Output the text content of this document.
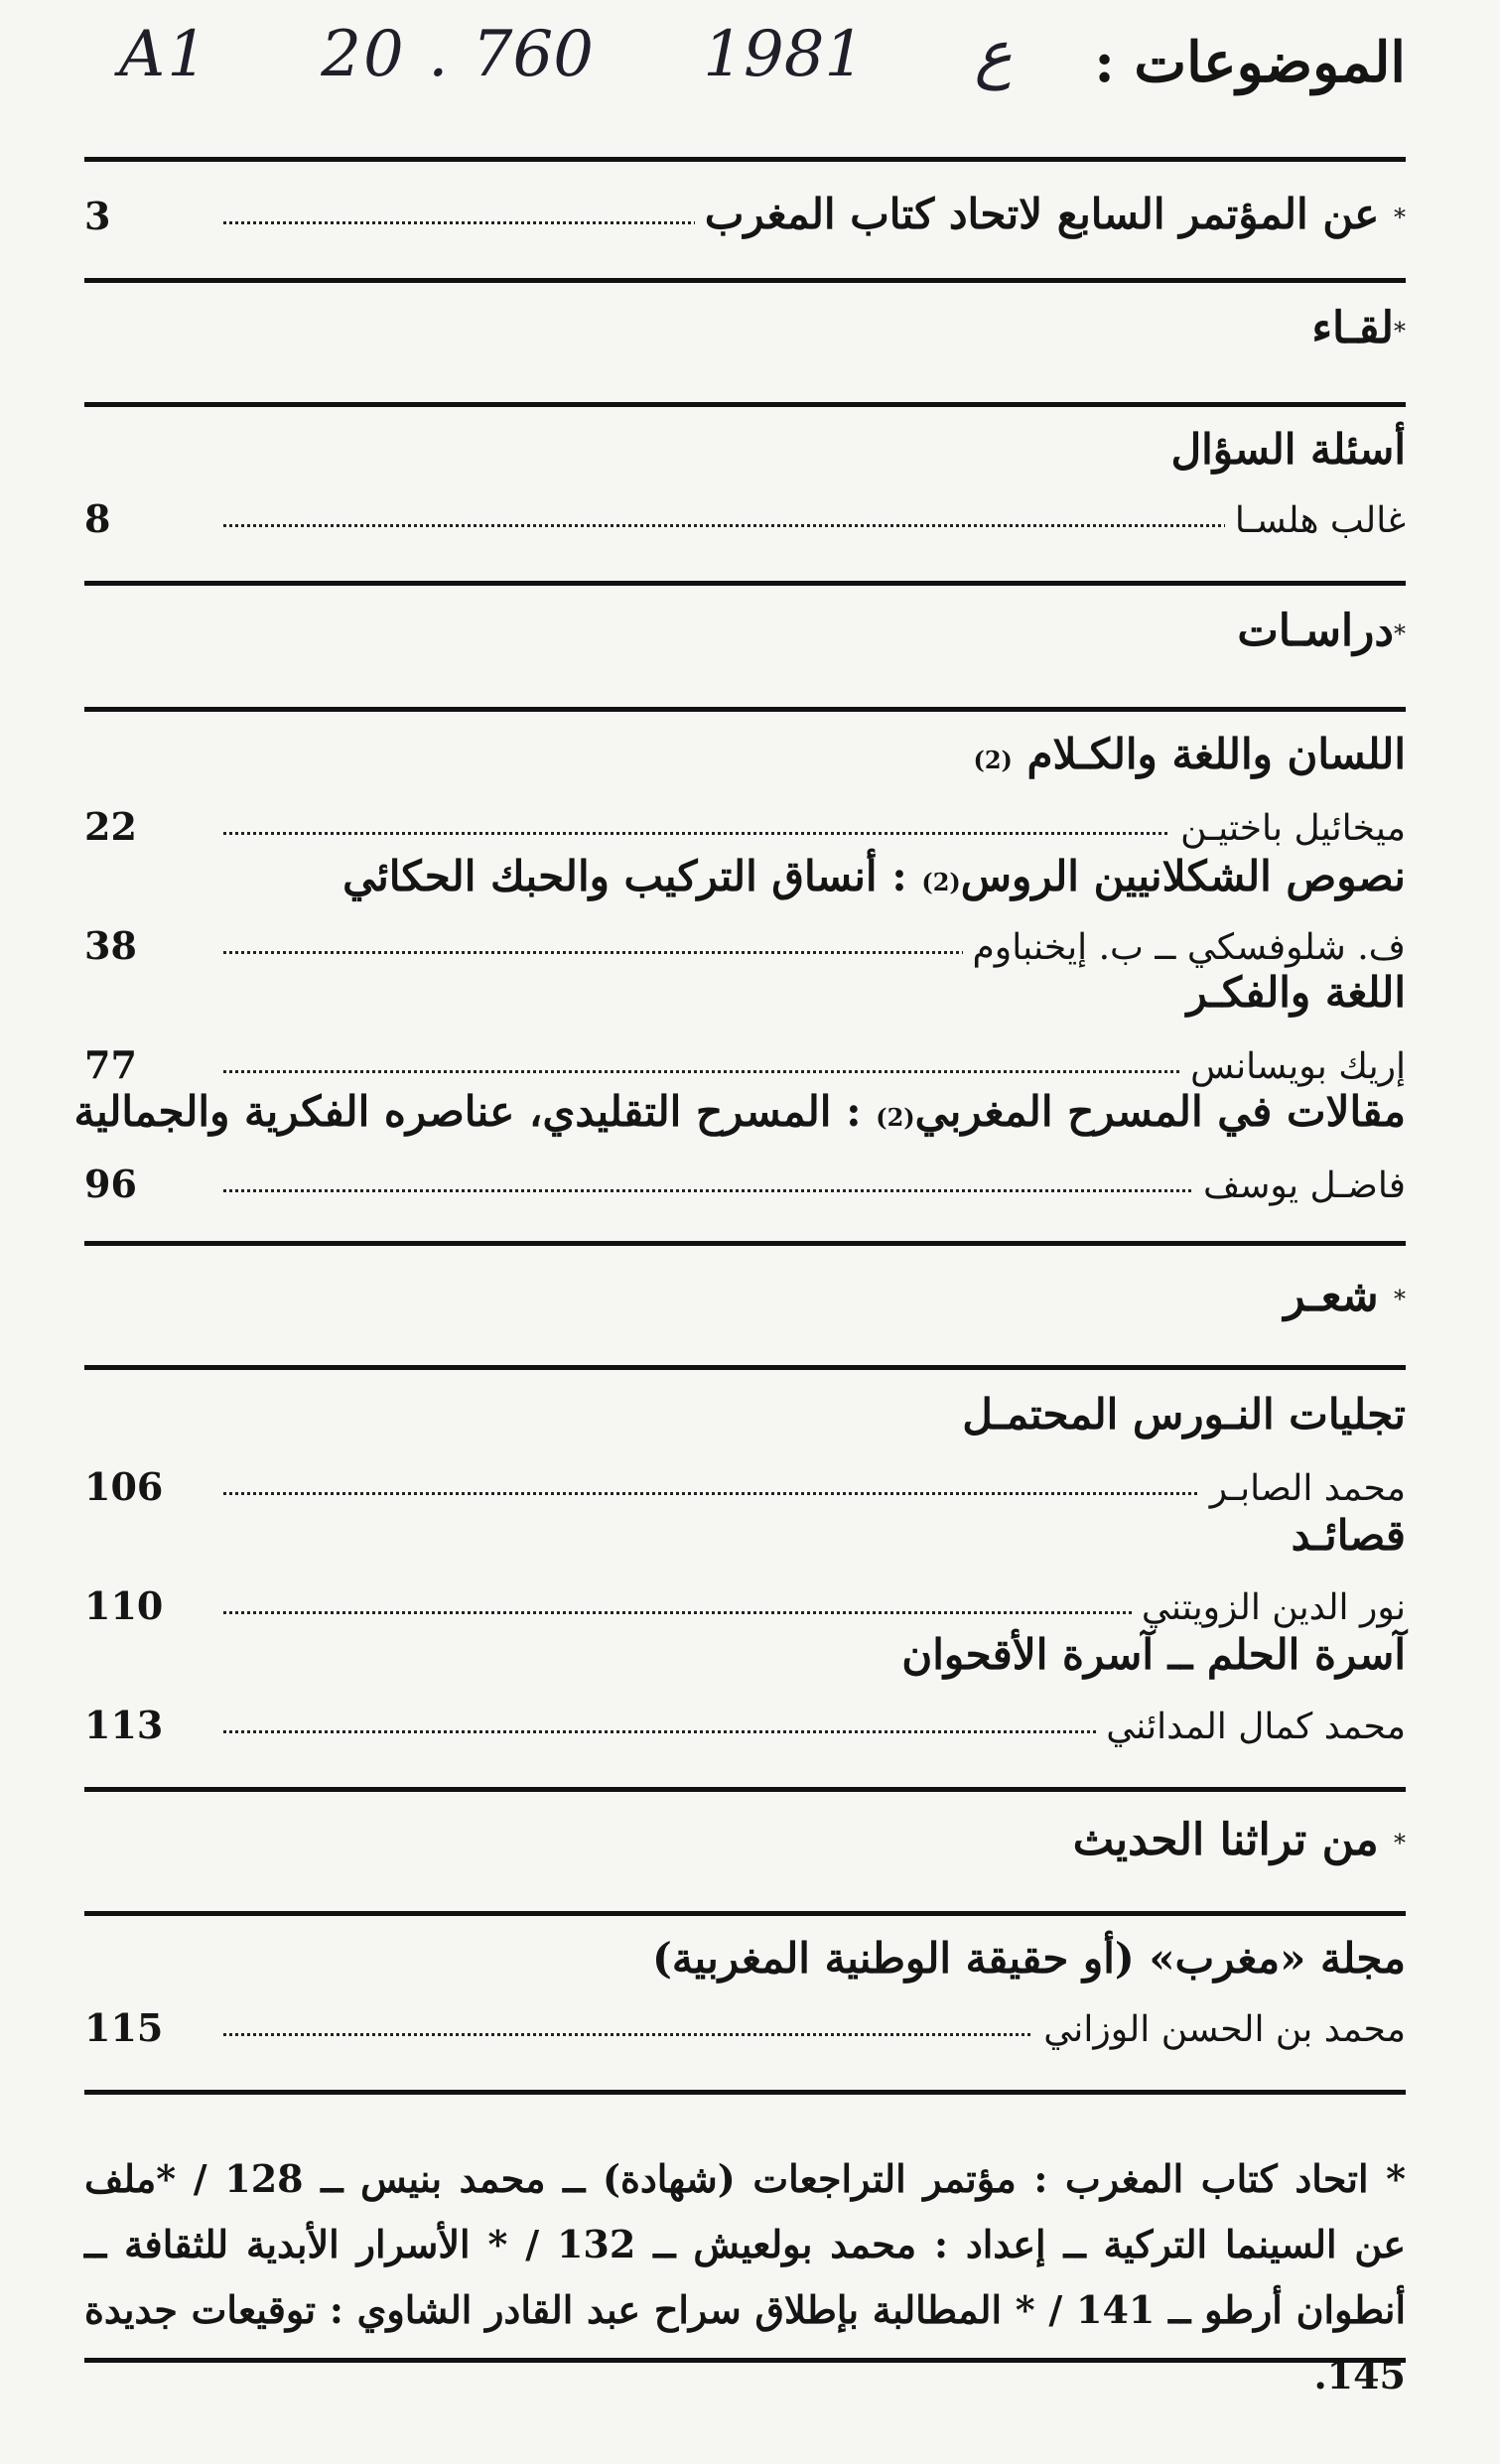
A1 20 . ع 1981 760	الموضوعات :
* عن المؤتمر السابع لاتحاد كتاب المغرب
3
*لقـاء
أسئلة السؤال
غالب هلسـا
8
*دراسـات
اللسان واللغة والكـلام (2)
ميخائيل باختيـن
22
نصوص الشكلانيين الروس(2) : أنساق التركيب والحبك الحكائي
ف. شلوفسكي ــ ب. إيخنباوم
38
اللغة والفكـر
إريك بويسانس
77
مقالات في المسرح المغربي(2) : المسرح التقليدي، عناصره الفكرية والجمالية
فاضـل يوسف
96
* شعـر
تجليات النـورس المحتمـل
محمد الصابـر
106
قصائـد
نور الدين الزويتني
110
آسرة الحلم ــ آسرة الأقحوان
محمد كمال المدائني
113
* من تراثنا الحديث
مجلة «مغرب» (أو حقيقة الوطنية المغربية)
محمد بن الحسن الوزاني
115
* اتحاد كتاب المغرب : مؤتمر التراجعات (شهادة) ــ محمد بنيس ــ 128 / *ملف عن السينما التركية ــ إعداد : محمد بولعيش ــ 132 / * الأسرار الأبدية للثقافة ــ أنطوان أرطو ــ 141 / * المطالبة بإطلاق سراح عبد القادر الشاوي : توقيعات جديدة 145.
